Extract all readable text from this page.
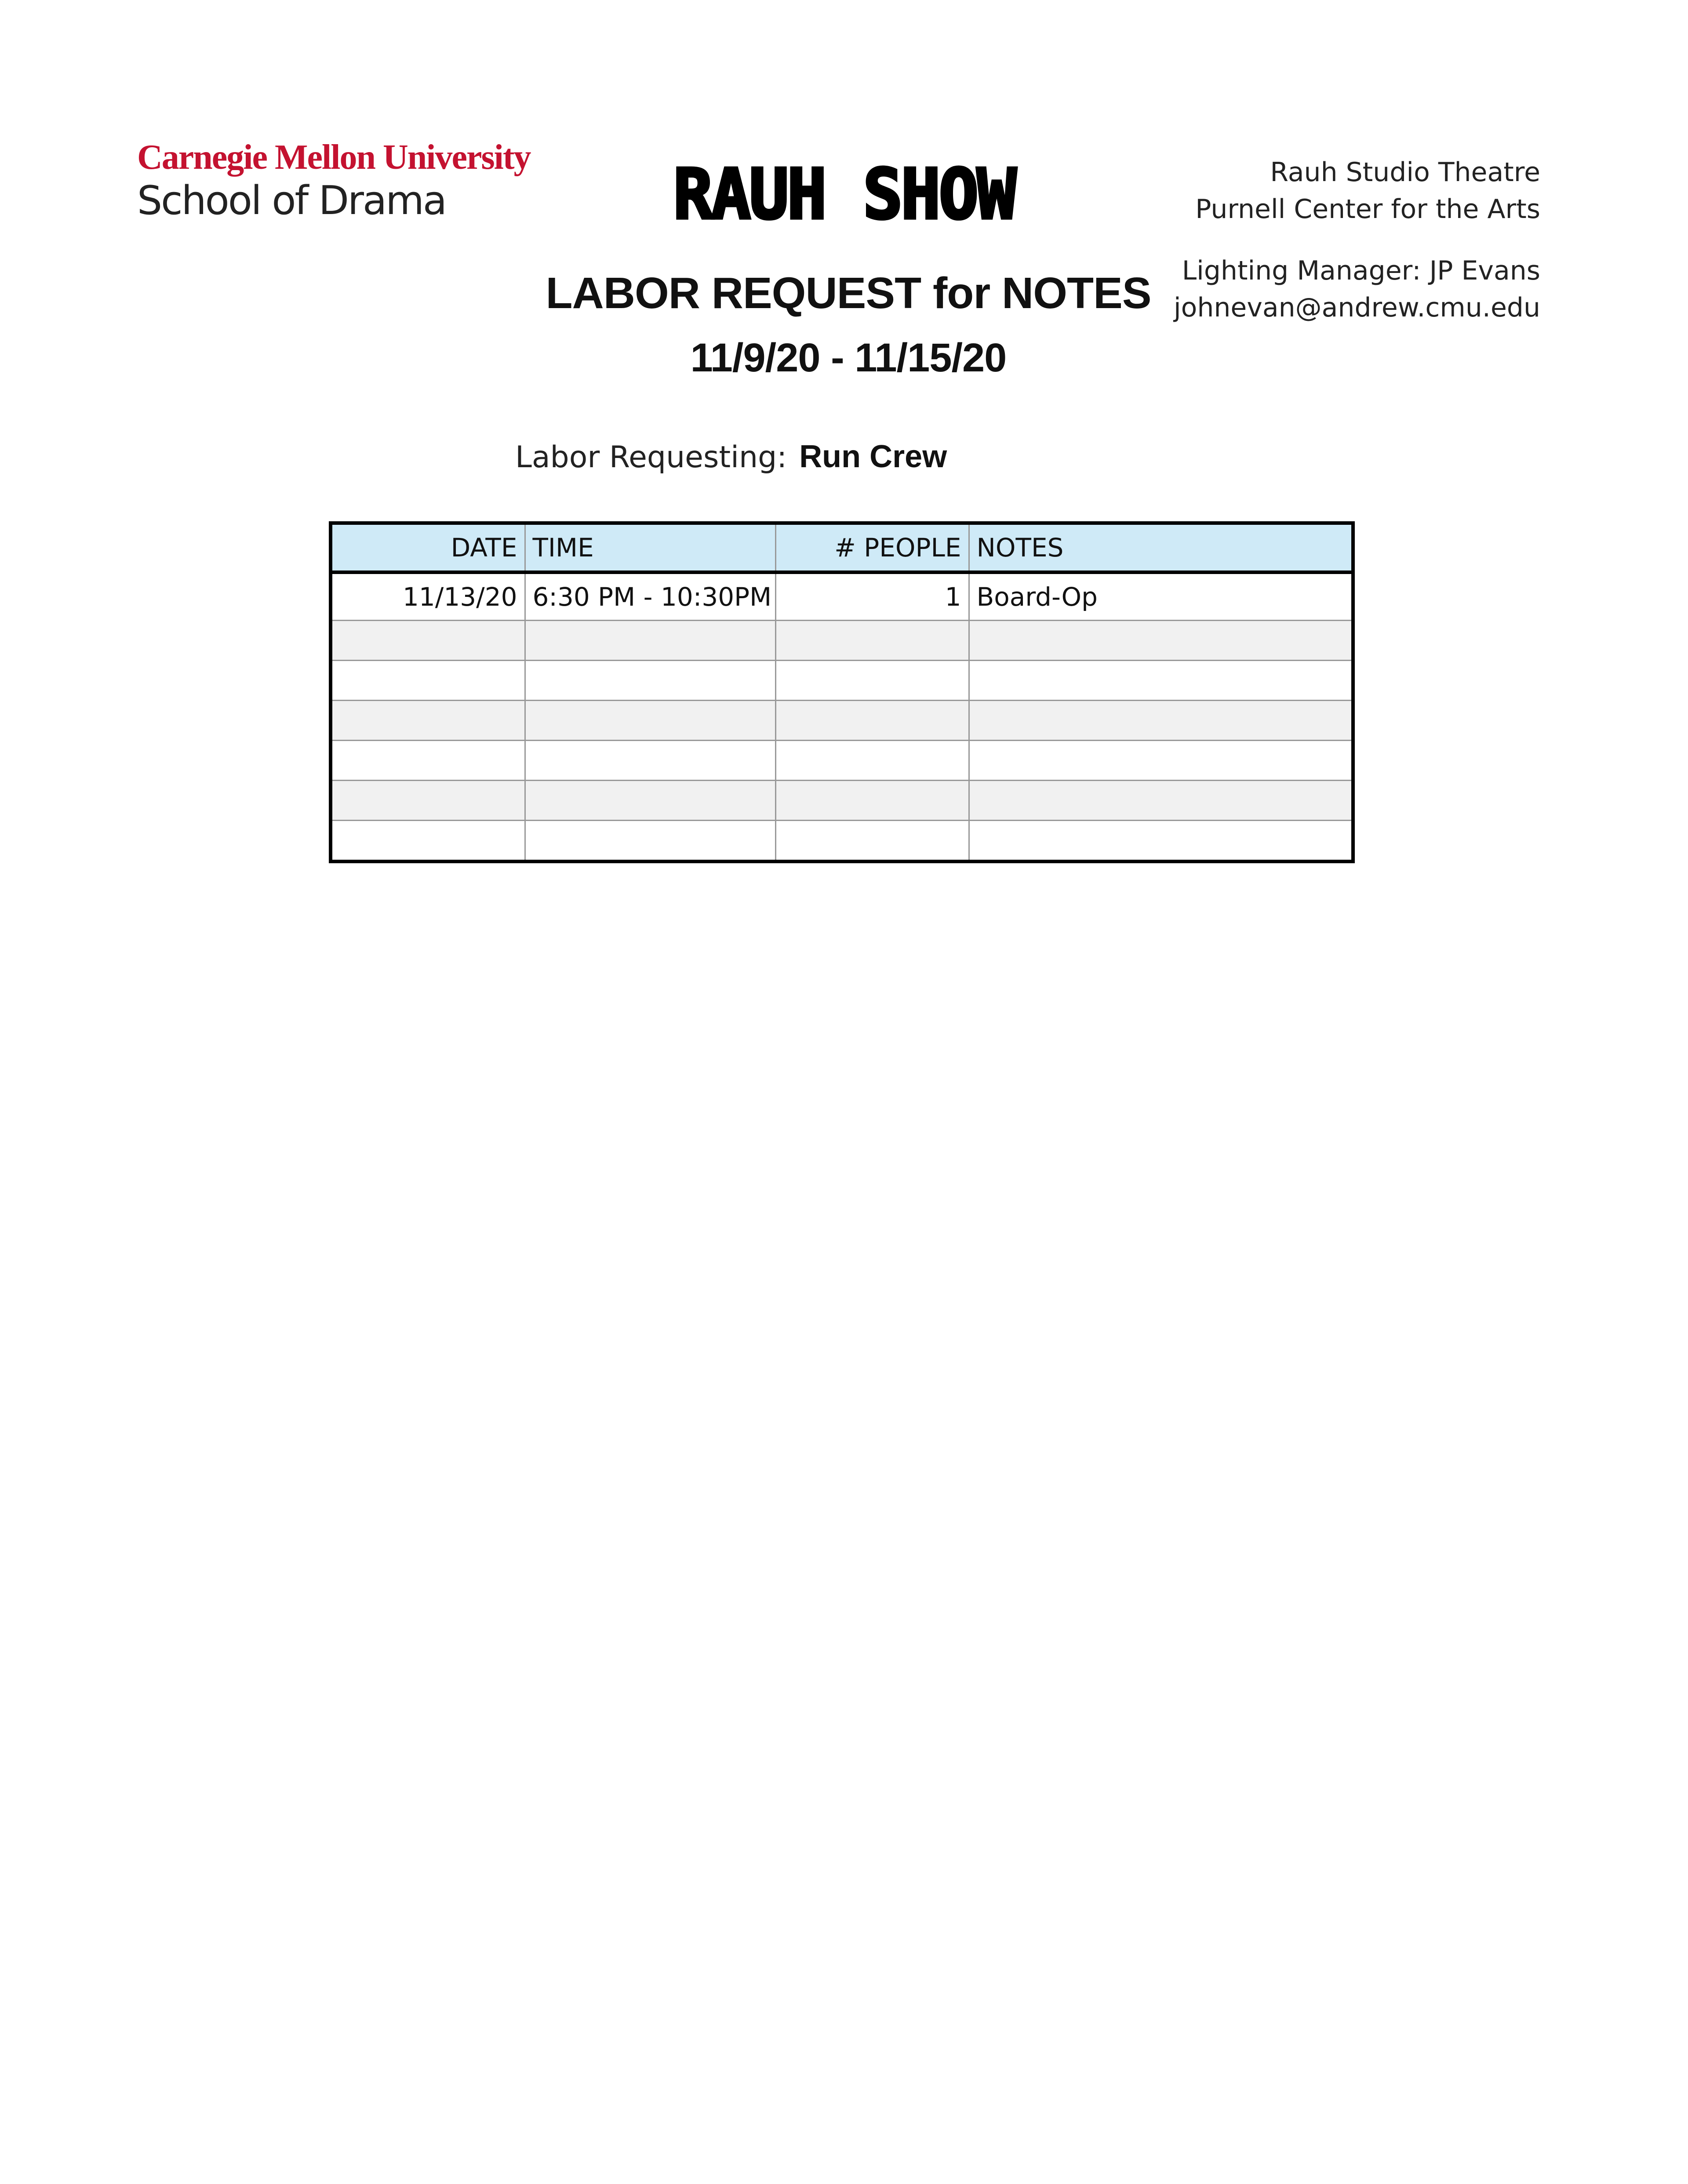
Carnegie Mellon University
School of Drama	RAUH SHOW	Rauh Studio Theatre
Purnell Center for the Arts
Lighting Manager: JP Evans
johnevan@andrew.cmu.edu
LABOR REQUEST for NOTES
11/9/20 - 11/15/20
Labor Requesting: Run Crew
DATE	TIME	# PEOPLE	NOTES
11/13/20	6:30 PM - 10:30PM	1	Board-Op
